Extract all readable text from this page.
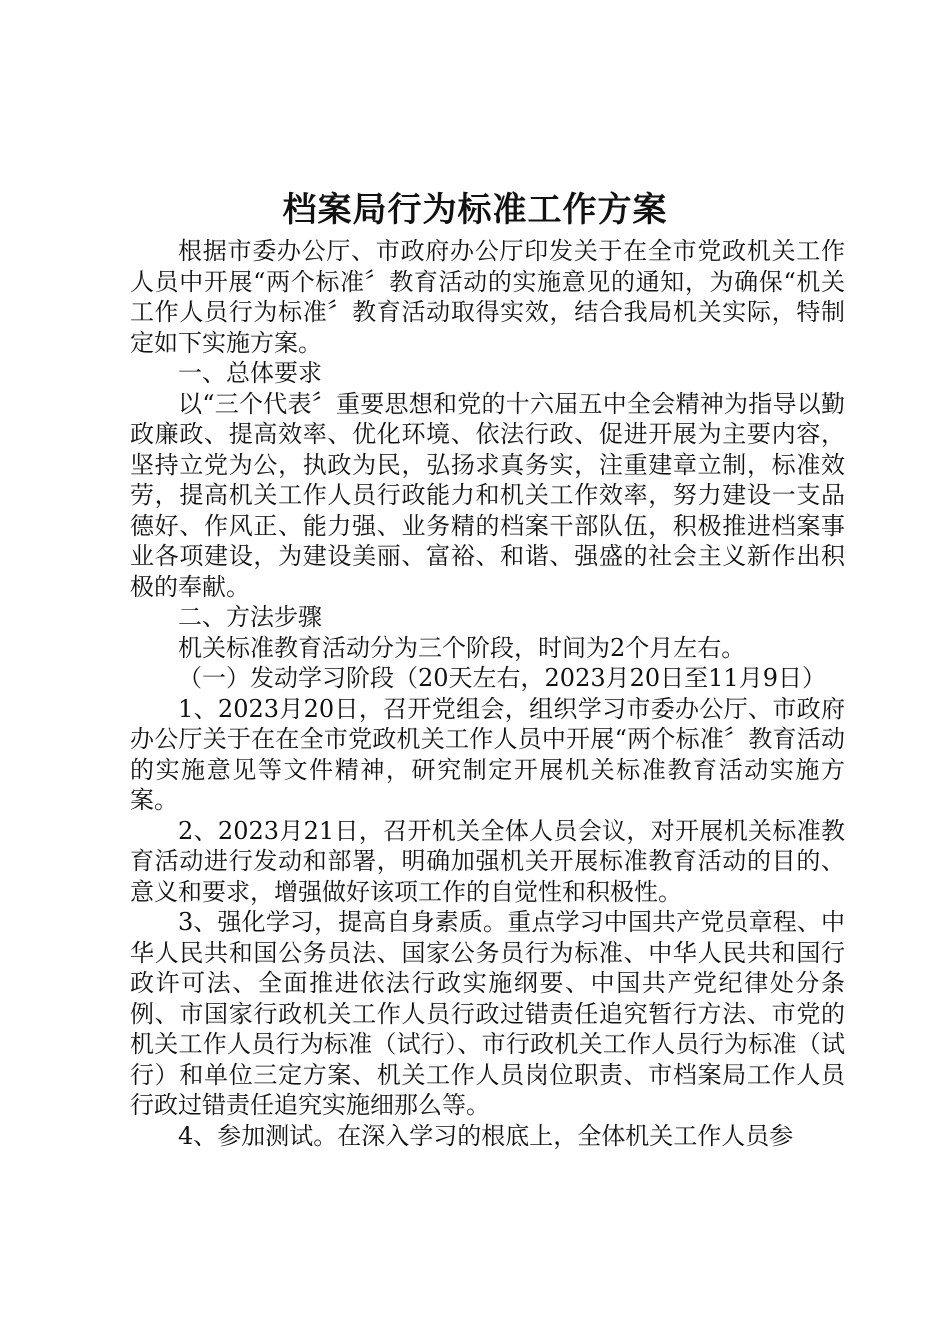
档案局行为标准工作方案

根据市委办公厅、市政府办公厅印发关于在全市党政机关工作人员中开展“两个标准〞教育活动的实施意见的通知，为确保“机关工作人员行为标准〞教育活动取得实效，结合我局机关实际，特制定如下实施方案。

一、总体要求

以“三个代表〞重要思想和党的十六届五中全会精神为指导以勤政廉政、提高效率、优化环境、依法行政、促进开展为主要内容，坚持立党为公，执政为民，弘扬求真务实，注重建章立制，标准效劳，提高机关工作人员行政能力和机关工作效率，努力建设一支品德好、作风正、能力强、业务精的档案干部队伍，积极推进档案事业各项建设，为建设美丽、富裕、和谐、强盛的社会主义新作出积极的奉献。

二、方法步骤

机关标准教育活动分为三个阶段，时间为2个月左右。

（一）发动学习阶段（20天左右，2023月20日至11月9日）

1、2023月20日，召开党组会，组织学习市委办公厅、市政府办公厅关于在在全市党政机关工作人员中开展“两个标准〞教育活动的实施意见等文件精神，研究制定开展机关标准教育活动实施方案。

2、2023月21日，召开机关全体人员会议，对开展机关标准教育活动进行发动和部署，明确加强机关开展标准教育活动的目的、意义和要求，增强做好该项工作的自觉性和积极性。

3、强化学习，提高自身素质。重点学习中国共产党员章程、中华人民共和国公务员法、国家公务员行为标准、中华人民共和国行政许可法、全面推进依法行政实施纲要、中国共产党纪律处分条例、市国家行政机关工作人员行政过错责任追究暂行方法、市党的机关工作人员行为标准（试行）、市行政机关工作人员行为标准（试行）和单位三定方案、机关工作人员岗位职责、市档案局工作人员行政过错责任追究实施细那么等。

4、参加测试。在深入学习的根底上，全体机关工作人员参
